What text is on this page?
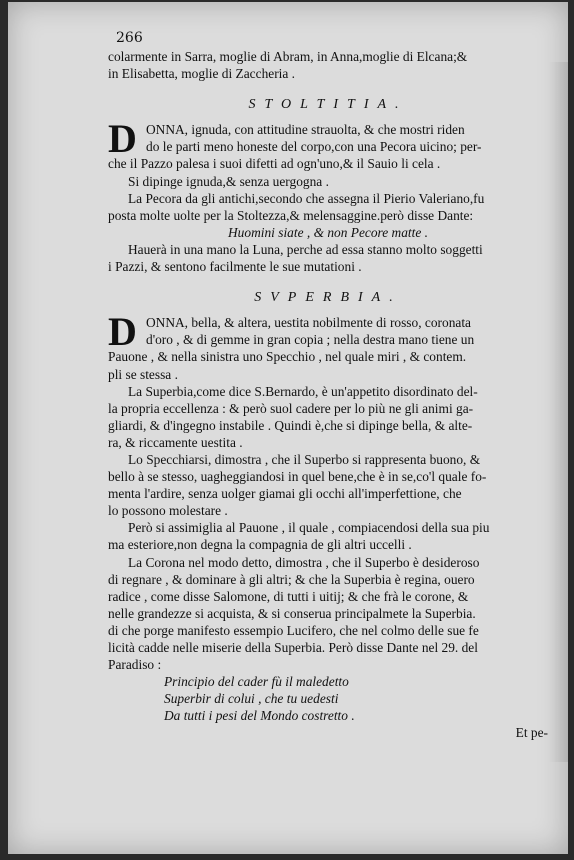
266

colarmente in Sarra, moglie di Abram, in Anna,moglie di Elcana;&

in Elisabetta, moglie di Zaccheria .

STOLTITIA.
D ONNA, ignuda, con attitudine strauolta, & che mostri riden

do le parti meno honeste del corpo,con una Pecora uicino; per-

che il Pazzo palesa i suoi difetti ad ogn'uno,& il Sauio li cela .

Si dipinge ignuda,& senza uergogna .

La Pecora da gli antichi,secondo che assegna il Pierio Valeriano,fu

posta molte uolte per la Stoltezza,& melensaggine.però disse Dante:

Huomini siate , & non Pecore matte .

Hauerà in una mano la Luna, perche ad essa stanno molto soggetti

i Pazzi, & sentono facilmente le sue mutationi .

SVPERBIA.
D ONNA, bella, & altera, uestita nobilmente di rosso, coronata

d'oro , & di gemme in gran copia ; nella destra mano tiene un

Pauone , & nella sinistra uno Specchio , nel quale miri , & contem.

pli se stessa .

La Superbia,come dice S.Bernardo, è un'appetito disordinato del-

la propria eccellenza : & però suol cadere per lo più ne gli animi ga-

gliardi, & d'ingegno instabile . Quindi è,che si dipinge bella, & alte-

ra, & riccamente uestita .

Lo Specchiarsi, dimostra , che il Superbo si rappresenta buono, &

bello à se stesso, uagheggiandosi in quel bene,che è in se,co'l quale fo-

menta l'ardire, senza uolger giamai gli occhi all'imperfettione, che

lo possono molestare .

Però si assimiglia al Pauone , il quale , compiacendosi della sua piu

ma esteriore,non degna la compagnia de gli altri uccelli .

La Corona nel modo detto, dimostra , che il Superbo è desideroso

di regnare , & dominare à gli altri; & che la Superbia è regina, ouero

radice , come disse Salomone, di tutti i uitij; & che frà le corone, &

nelle grandezze si acquista, & si conserua principalmete la Superbia.

di che porge manifesto essempio Lucifero, che nel colmo delle sue fe

licità cadde nelle miserie della Superbia. Però disse Dante nel 29. del

Paradiso :

Principio del cader fù il maledetto

Superbir di colui , che tu uedesti

Da tutti i pesi del Mondo costretto .

Et pe-
